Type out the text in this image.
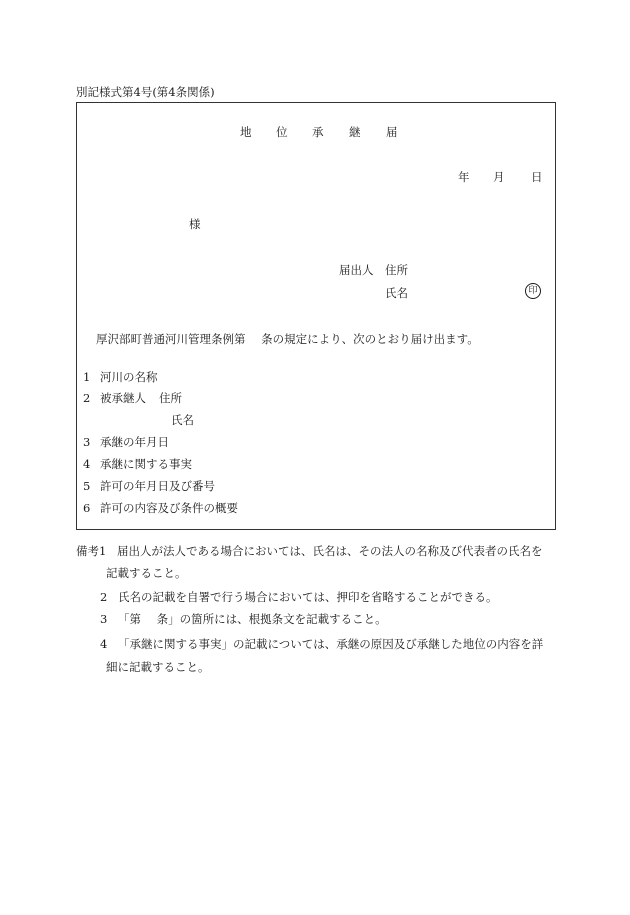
別記様式第4号(第4条関係)
地 位 承 継 届
年 月 日
様
届出人 住所
氏名	印
厚沢部町普通河川管理条例第 条の規定により、次のとおり届け出ます。
1 河川の名称
2 被承継人 住所
氏名
3 承継の年月日
4 承継に関する事実
5 許可の年月日及び番号
6 許可の内容及び条件の概要
備考1 届出人が法人である場合においては、氏名は、その法人の名称及び代表者の氏名を
記載すること。
2 氏名の記載を自署で行う場合においては、押印を省略することができる。
3 「第 条」の箇所には、根拠条文を記載すること。
4 「承継に関する事実」の記載については、承継の原因及び承継した地位の内容を詳
細に記載すること。
